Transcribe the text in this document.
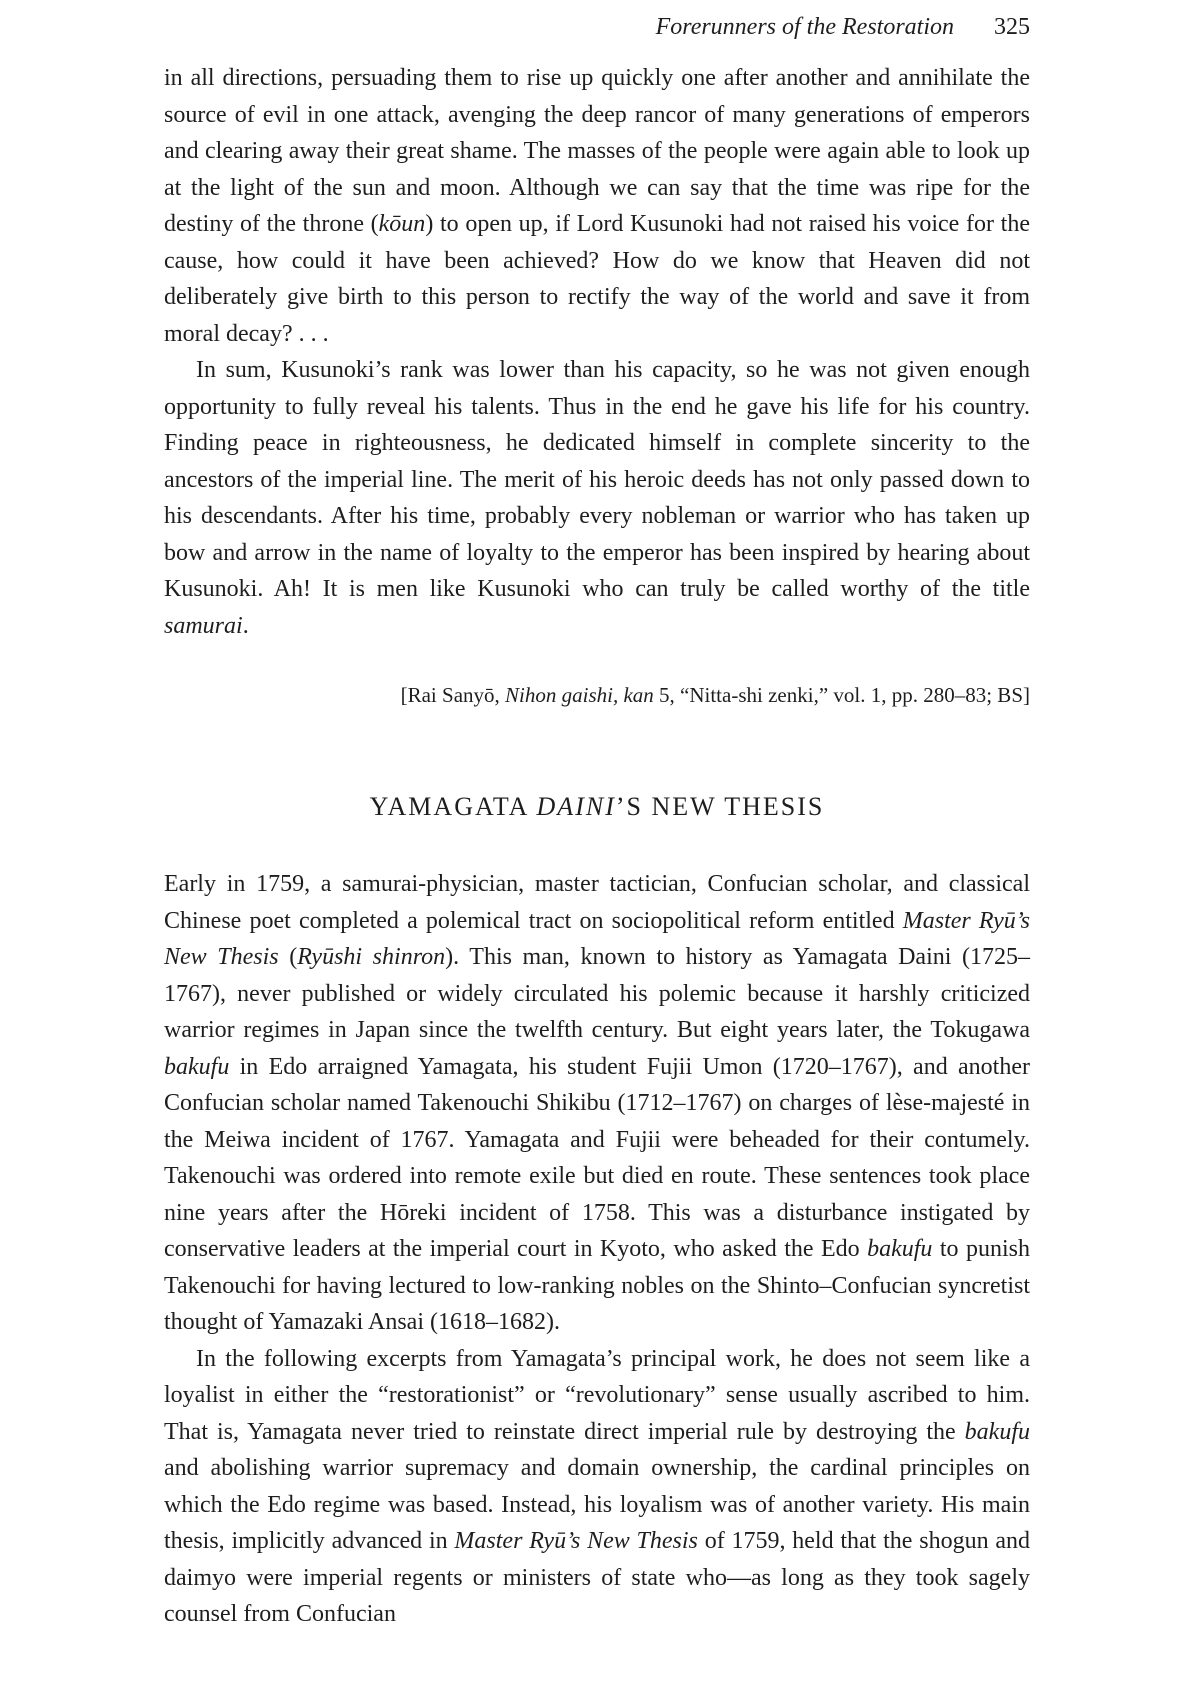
Forerunners of the Restoration 325

in all directions, persuading them to rise up quickly one after another and annihilate the source of evil in one attack, avenging the deep rancor of many generations of emperors and clearing away their great shame. The masses of the people were again able to look up at the light of the sun and moon. Although we can say that the time was ripe for the destiny of the throne (kōun) to open up, if Lord Kusunoki had not raised his voice for the cause, how could it have been achieved? How do we know that Heaven did not deliberately give birth to this person to rectify the way of the world and save it from moral decay? . . .

In sum, Kusunoki’s rank was lower than his capacity, so he was not given enough opportunity to fully reveal his talents. Thus in the end he gave his life for his country. Finding peace in righteousness, he dedicated himself in complete sincerity to the ancestors of the imperial line. The merit of his heroic deeds has not only passed down to his descendants. After his time, probably every nobleman or warrior who has taken up bow and arrow in the name of loyalty to the emperor has been inspired by hearing about Kusunoki. Ah! It is men like Kusunoki who can truly be called worthy of the title samurai.

[Rai Sanyō, Nihon gaishi, kan 5, “Nitta-shi zenki,” vol. 1, pp. 280–83; BS]
YAMAGATA DAINI’S NEW THESIS

Early in 1759, a samurai-physician, master tactician, Confucian scholar, and classical Chinese poet completed a polemical tract on sociopolitical reform entitled Master Ryū’s New Thesis (Ryūshi shinron). This man, known to history as Yamagata Daini (1725–1767), never published or widely circulated his polemic because it harshly criticized warrior regimes in Japan since the twelfth century. But eight years later, the Tokugawa bakufu in Edo arraigned Yamagata, his student Fujii Umon (1720–1767), and another Confucian scholar named Takenouchi Shikibu (1712–1767) on charges of lèse-majesté in the Meiwa incident of 1767. Yamagata and Fujii were beheaded for their contumely. Takenouchi was ordered into remote exile but died en route. These sentences took place nine years after the Hōreki incident of 1758. This was a disturbance instigated by conservative leaders at the imperial court in Kyoto, who asked the Edo bakufu to punish Takenouchi for having lectured to low-ranking nobles on the Shinto–Confucian syncretist thought of Yamazaki Ansai (1618–1682).

In the following excerpts from Yamagata’s principal work, he does not seem like a loyalist in either the “restorationist” or “revolutionary” sense usually ascribed to him. That is, Yamagata never tried to reinstate direct imperial rule by destroying the bakufu and abolishing warrior supremacy and domain ownership, the cardinal principles on which the Edo regime was based. Instead, his loyalism was of another variety. His main thesis, implicitly advanced in Master Ryū’s New Thesis of 1759, held that the shogun and daimyo were imperial regents or ministers of state who—as long as they took sagely counsel from Confucian
